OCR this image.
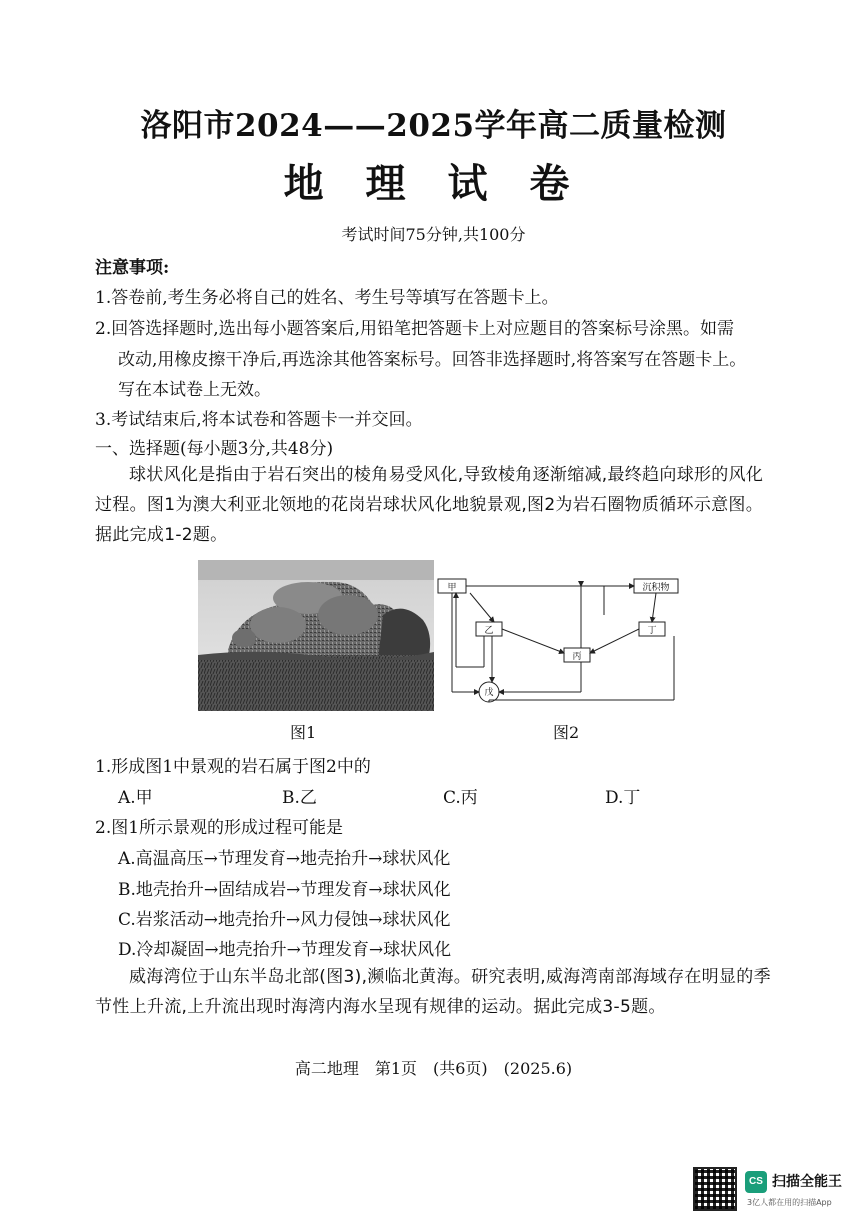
洛阳市2024——2025学年高二质量检测
地 理 试 卷
考试时间75分钟,共100分
注意事项:
1.答卷前,考生务必将自己的姓名、考生号等填写在答题卡上。
2.回答选择题时,选出每小题答案后,用铅笔把答题卡上对应题目的答案标号涂黑。如需
改动,用橡皮擦干净后,再选涂其他答案标号。回答非选择题时,将答案写在答题卡上。
写在本试卷上无效。
3.考试结束后,将本试卷和答题卡一并交回。
一、选择题(每小题3分,共48分)
球状风化是指由于岩石突出的棱角易受风化,导致棱角逐渐缩减,最终趋向球形的风化过程。图1为澳大利亚北领地的花岗岩球状风化地貌景观,图2为岩石圈物质循环示意图。据此完成1-2题。
甲	沉积物
乙
丙
丁
戊
图1	图2
1.形成图1中景观的岩石属于图2中的
A.甲	B.乙	C.丙	D.丁
2.图1所示景观的形成过程可能是
A.高温高压→节理发育→地壳抬升→球状风化
B.地壳抬升→固结成岩→节理发育→球状风化
C.岩浆活动→地壳抬升→风力侵蚀→球状风化
D.冷却凝固→地壳抬升→节理发育→球状风化
威海湾位于山东半岛北部(图3),濒临北黄海。研究表明,威海湾南部海域存在明显的季节性上升流,上升流出现时海湾内海水呈现有规律的运动。据此完成3-5题。
高二地理　第1页　(共6页)　(2025.6)
CS 扫描全能王
3亿人都在用的扫描App
